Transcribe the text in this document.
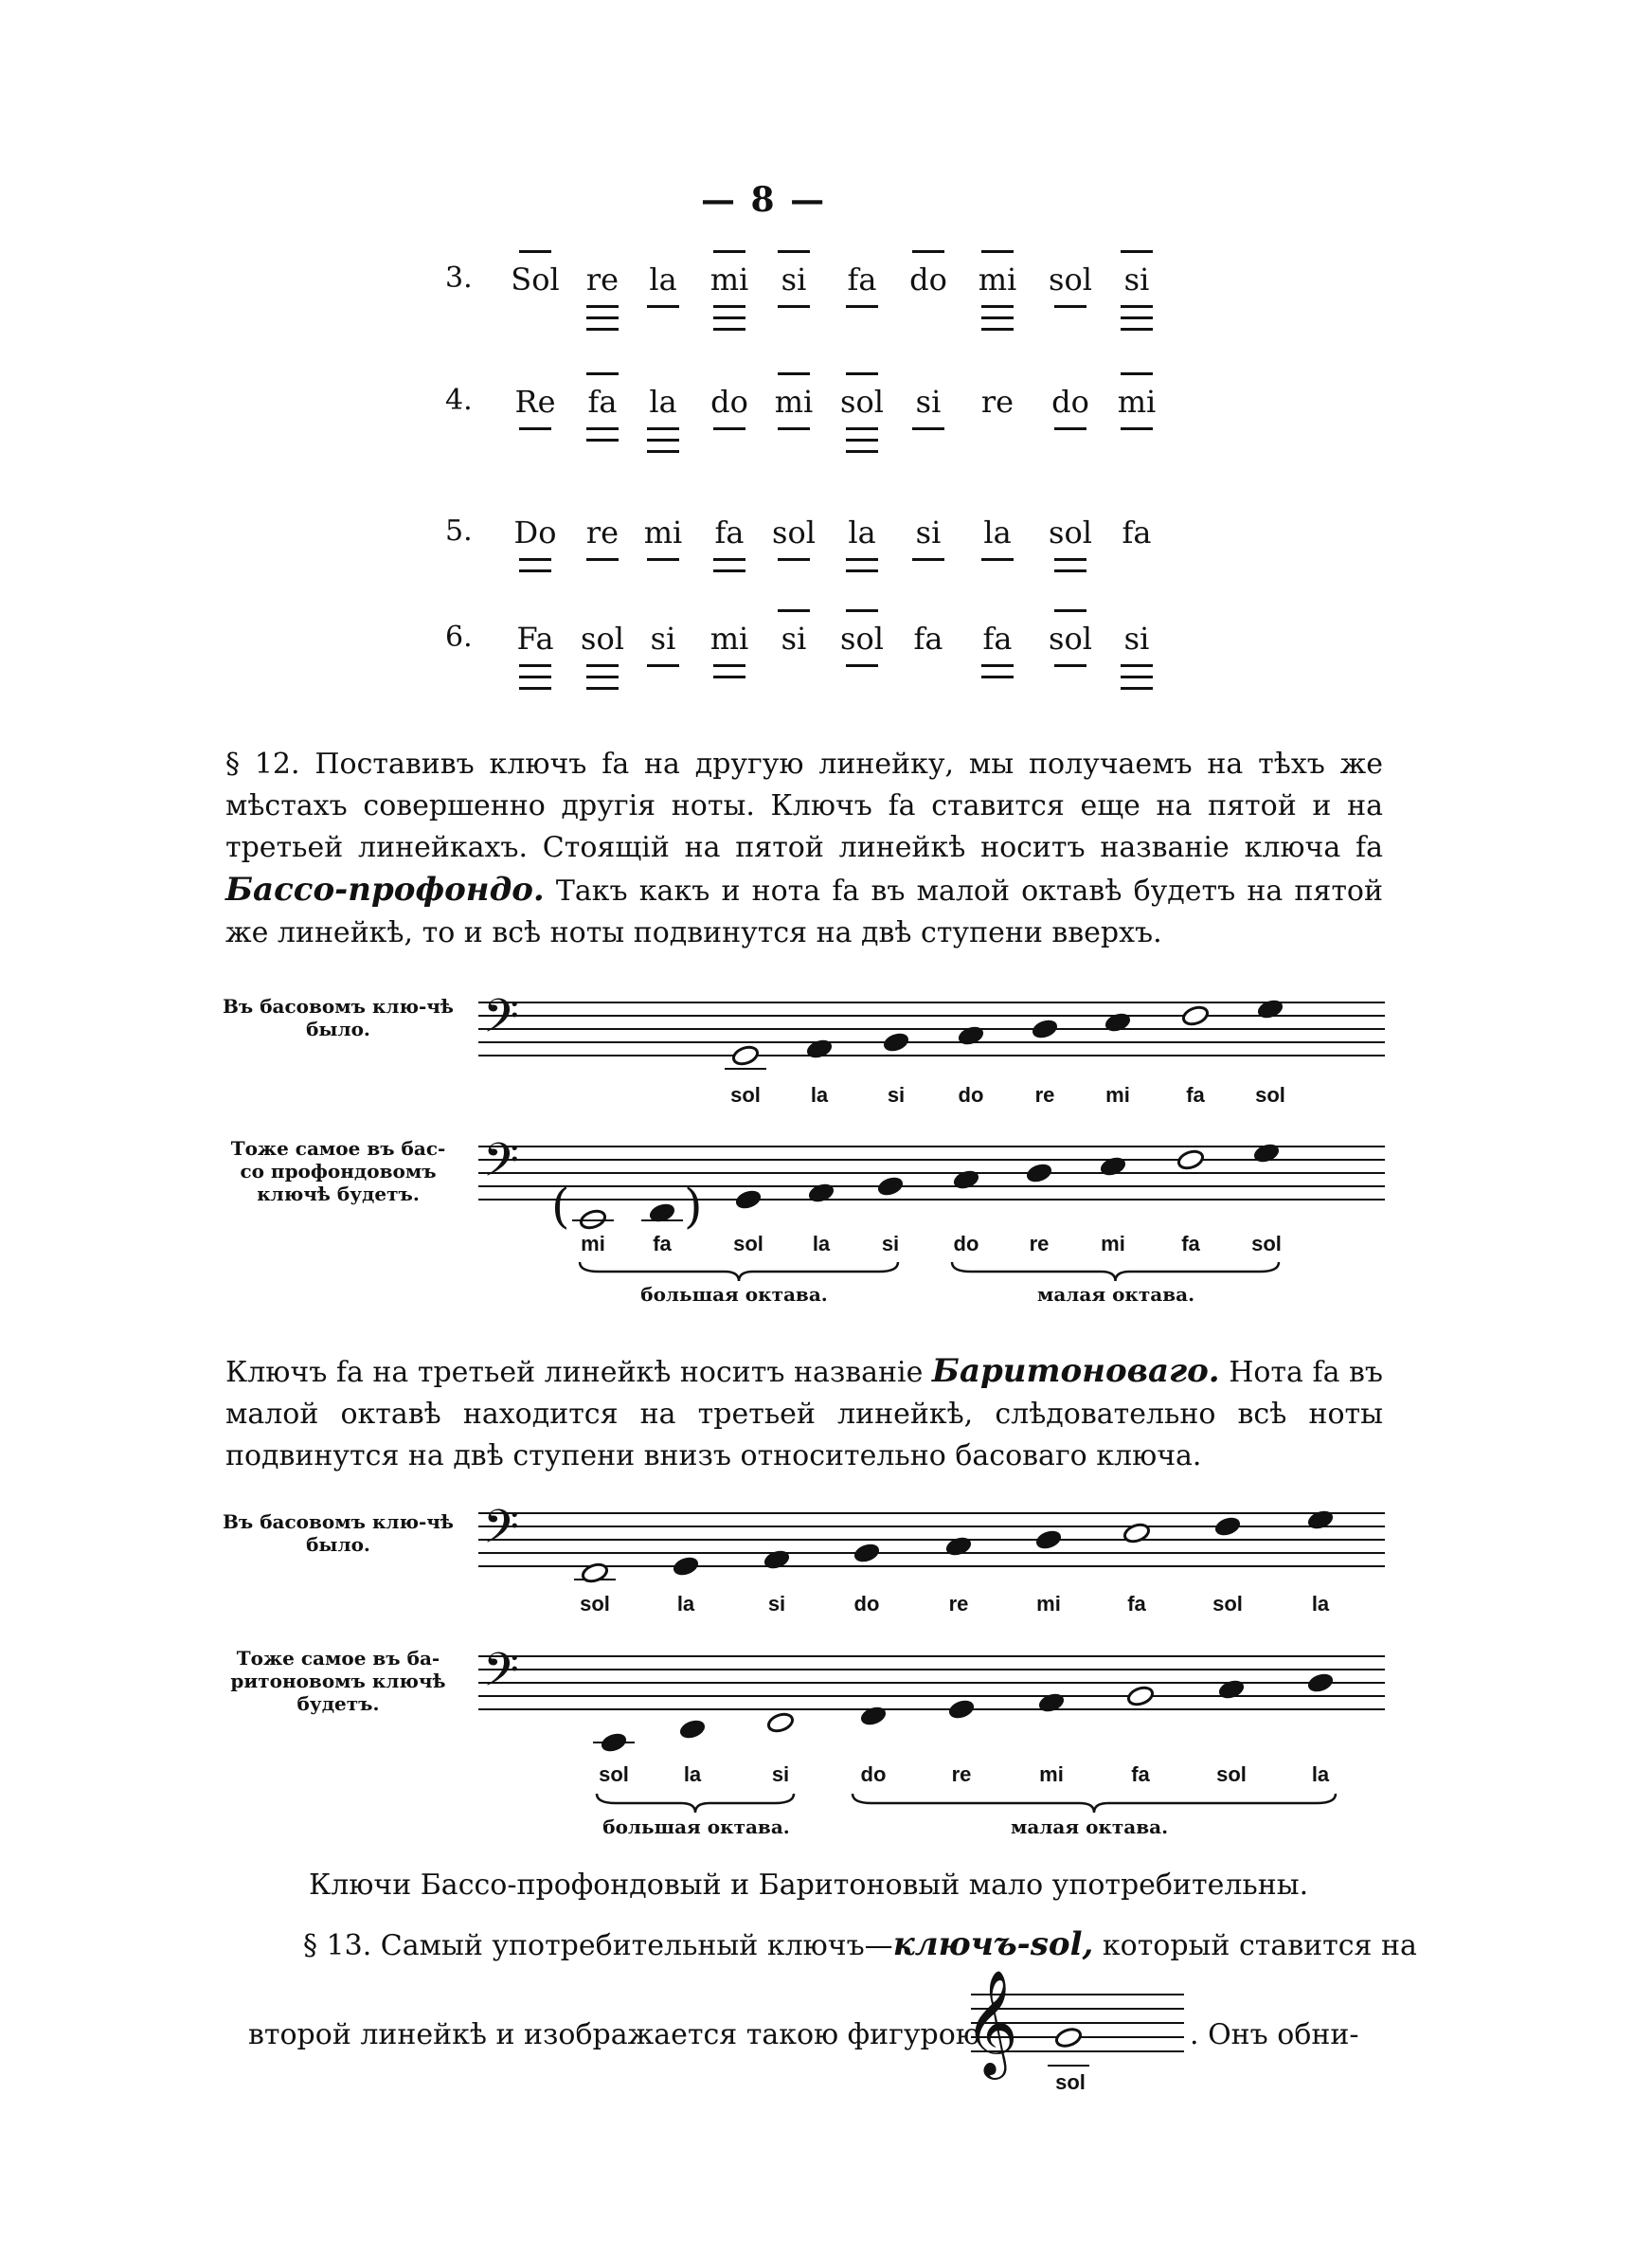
— 8 —
3. Sol re	la	mi	si	fa	do	mi	sol	si
4.	Re	fa	la	do mi sol	si	re	do mi
5.	Do re mi	fa sol	la	si	la	sol fa
6.	Fa sol si	mi	si	sol fa	fa	sol	si
§ 12. Поставивъ ключъ fa на другую линейку, мы получаемъ на тѣхъ же мѣстахъ совершенно другія ноты. Ключъ fa ставится еще на пятой и на третьей линейкахъ. Стоящій на пятой линейкѣ носитъ названіе ключа fa Бассо-профондо. Такъ какъ и нота fa въ малой октавѣ будетъ на пятой же линейкѣ, то и всѣ ноты подвинутся на двѣ ступени вверхъ.
Въ басовомъ клю-чѣ было.
Тоже самое въ бас-со профондовомъ ключѣ будетъ.
𝄢
sol la	si	do re mi	fa sol
𝄢
( )
mi fa	sol la si	do re mi	fa sol
большая октава.	малая октава.
𝄢
sol	la	si	do	re	mi	fa	sol	la
𝄢
sol	la	si	do	re	mi	fa	sol	la
большая октава.	малая октава.
𝄞
sol
Ключъ fa на третьей линейкѣ носитъ названіе Баритоноваго. Нота fa въ малой октавѣ находится на третьей линейкѣ, слѣдовательно всѣ ноты подвинутся на двѣ ступени внизъ относительно басоваго ключа.
Въ басовомъ клю-чѣ было.
Тоже самое въ ба-ритоновомъ ключѣ будетъ.
Ключи Бассо-профондовый и Баритоновый мало употребительны.
§ 13. Самый употребительный ключъ—ключъ-sol, который ставится на
второй линейкѣ и изображается такою фигурою	. Онъ обни-
